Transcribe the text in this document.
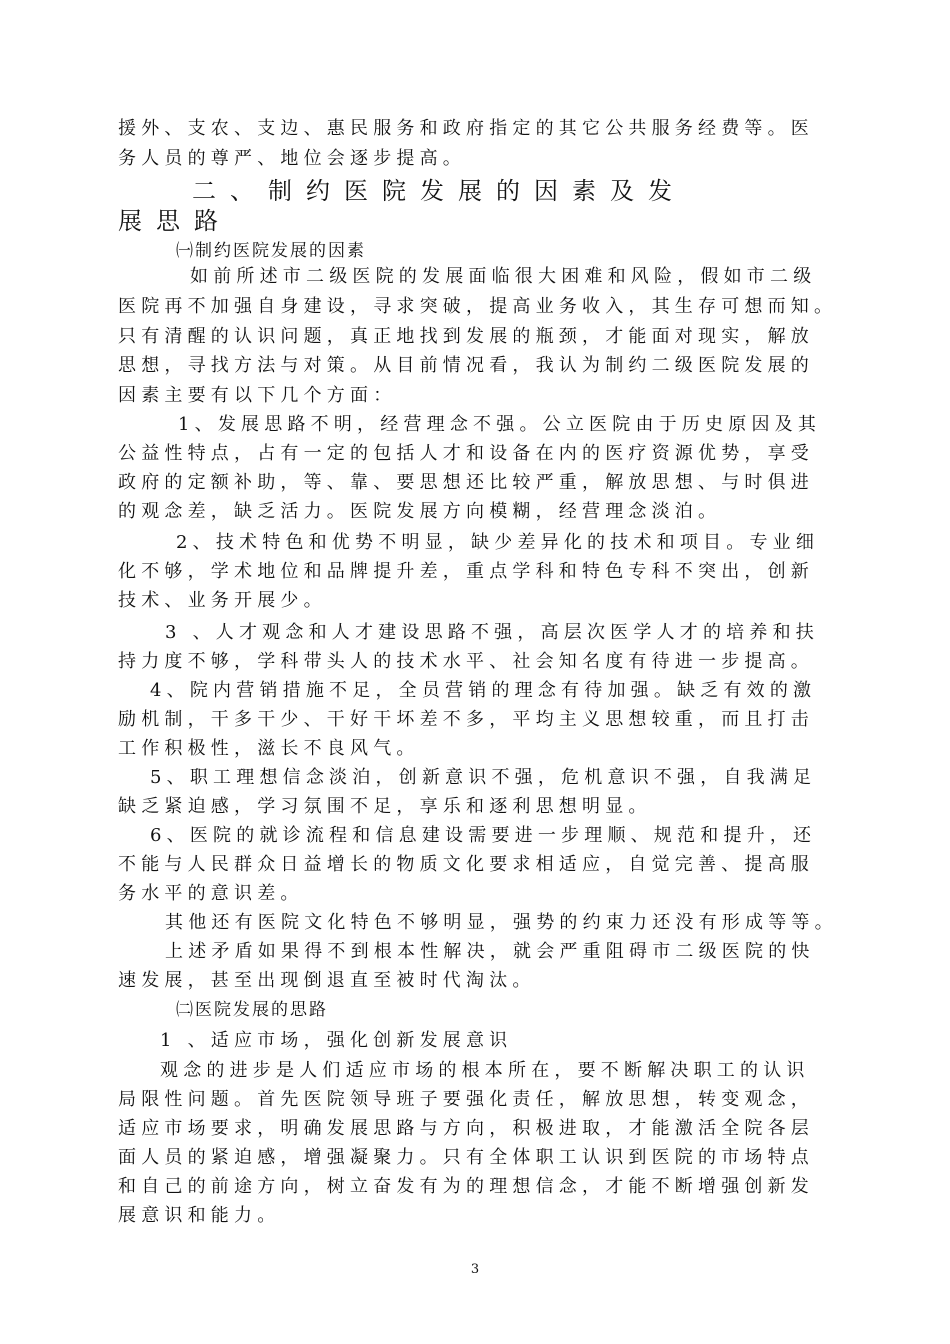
援外、支农、支边、惠民服务和政府指定的其它公共服务经费等。医
务人员的尊严、地位会逐步提高。
二、制约医院发展的因素及发
展思路
㈠制约医院发展的因素
如前所述市二级医院的发展面临很大困难和风险，假如市二级
医院再不加强自身建设，寻求突破，提高业务收入，其生存可想而知。
只有清醒的认识问题，真正地找到发展的瓶颈，才能面对现实，解放
思想，寻找方法与对策。从目前情况看，我认为制约二级医院发展的
因素主要有以下几个方面：
1、发展思路不明，经营理念不强。公立医院由于历史原因及其
公益性特点，占有一定的包括人才和设备在内的医疗资源优势，享受
政府的定额补助，等、靠、要思想还比较严重，解放思想、与时俱进
的观念差，缺乏活力。医院发展方向模糊，经营理念淡泊。
2、技术特色和优势不明显，缺少差异化的技术和项目。专业细
化不够，学术地位和品牌提升差，重点学科和特色专科不突出，创新
技术、业务开展少。
3 、人才观念和人才建设思路不强，高层次医学人才的培养和扶
持力度不够，学科带头人的技术水平、社会知名度有待进一步提高。
4、院内营销措施不足，全员营销的理念有待加强。缺乏有效的激
励机制，干多干少、干好干坏差不多，平均主义思想较重，而且打击
工作积极性，滋长不良风气。
5、职工理想信念淡泊，创新意识不强，危机意识不强，自我满足
缺乏紧迫感，学习氛围不足，享乐和逐利思想明显。
6、医院的就诊流程和信息建设需要进一步理顺、规范和提升，还
不能与人民群众日益增长的物质文化要求相适应，自觉完善、提高服
务水平的意识差。
其他还有医院文化特色不够明显，强势的约束力还没有形成等等。
上述矛盾如果得不到根本性解决，就会严重阻碍市二级医院的快
速发展，甚至出现倒退直至被时代淘汰。
㈡医院发展的思路
1 、适应市场，强化创新发展意识
观念的进步是人们适应市场的根本所在，要不断解决职工的认识
局限性问题。首先医院领导班子要强化责任，解放思想，转变观念，
适应市场要求，明确发展思路与方向，积极进取，才能激活全院各层
面人员的紧迫感，增强凝聚力。只有全体职工认识到医院的市场特点
和自己的前途方向，树立奋发有为的理想信念，才能不断增强创新发
展意识和能力。
3
